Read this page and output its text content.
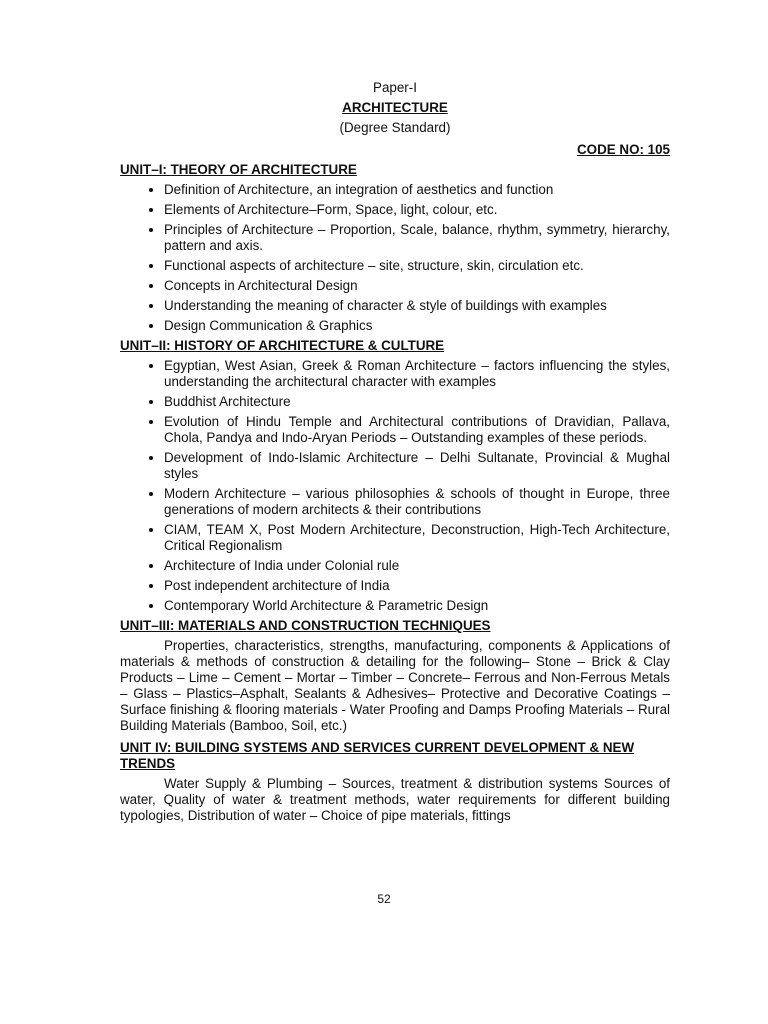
Paper-I
ARCHITECTURE
(Degree Standard)
CODE NO: 105
UNIT–I: THEORY OF ARCHITECTURE
• Definition of Architecture, an integration of aesthetics and function
• Elements of Architecture–Form, Space, light, colour, etc.
• Principles of Architecture – Proportion, Scale, balance, rhythm, symmetry, hierarchy, pattern and axis.
• Functional aspects of architecture – site, structure, skin, circulation etc.
• Concepts in Architectural Design
• Understanding the meaning of character & style of buildings with examples
• Design Communication & Graphics
UNIT–II: HISTORY OF ARCHITECTURE & CULTURE
• Egyptian, West Asian, Greek & Roman Architecture – factors influencing the styles, understanding the architectural character with examples
• Buddhist Architecture
• Evolution of Hindu Temple and Architectural contributions of Dravidian, Pallava, Chola, Pandya and Indo-Aryan Periods – Outstanding examples of these periods.
• Development of Indo-Islamic Architecture – Delhi Sultanate, Provincial & Mughal styles
• Modern Architecture – various philosophies & schools of thought in Europe, three generations of modern architects & their contributions
• CIAM, TEAM X, Post Modern Architecture, Deconstruction, High-Tech Architecture, Critical Regionalism
• Architecture of India under Colonial rule
• Post independent architecture of India
• Contemporary World Architecture & Parametric Design
UNIT–III: MATERIALS AND CONSTRUCTION TECHNIQUES

Properties, characteristics, strengths, manufacturing, components & Applications of materials & methods of construction & detailing for the following– Stone – Brick & Clay Products – Lime – Cement – Mortar – Timber – Concrete– Ferrous and Non-Ferrous Metals – Glass – Plastics–Asphalt, Sealants & Adhesives– Protective and Decorative Coatings – Surface finishing & flooring materials - Water Proofing and Damps Proofing Materials – Rural Building Materials (Bamboo, Soil, etc.)

UNIT IV: BUILDING SYSTEMS AND SERVICES CURRENT DEVELOPMENT & NEW TRENDS

Water Supply & Plumbing – Sources, treatment & distribution systems Sources of water, Quality of water & treatment methods, water requirements for different building typologies, Distribution of water – Choice of pipe materials, fittings

52
